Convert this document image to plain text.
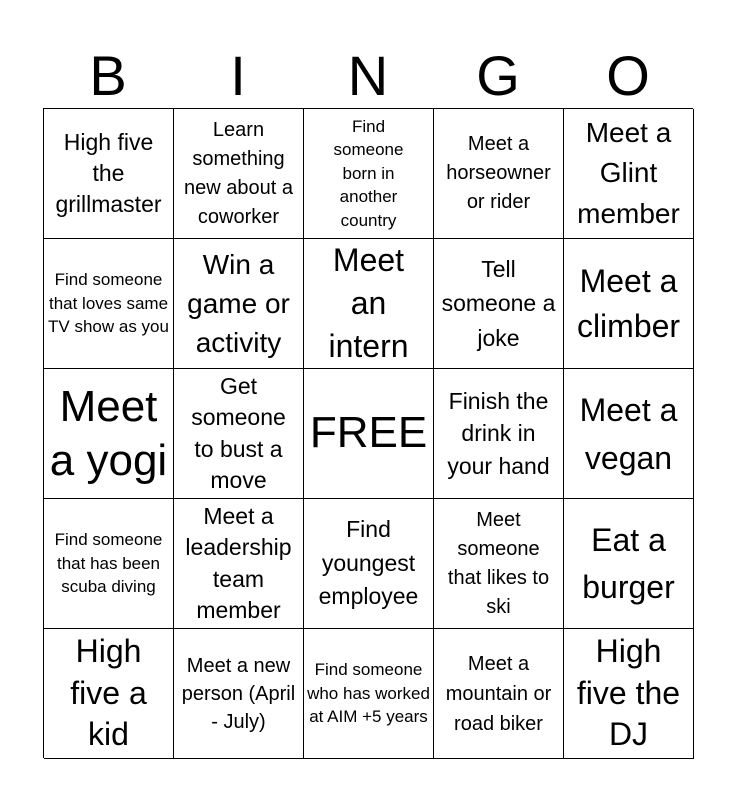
B	I	N	G	O
High five the grillmaster
Learn something new about a coworker
Find someone born in another country
Meet a horseowner or rider
Meet a Glint member
Find someone that loves same TV show as you
Win a game or activity
Meet an intern
Tell someone a joke
Meet a climber
Meet a yogi
Get someone to bust a move
FREE
Finish the drink in your hand
Meet a vegan
Find someone that has been scuba diving
Meet a leadership team member
Find youngest employee
Meet someone that likes to ski
Eat a burger
High five a kid
Meet a new person (April - July)
Find someone who has worked at AIM +5 years
Meet a mountain or road biker
High five the DJ
